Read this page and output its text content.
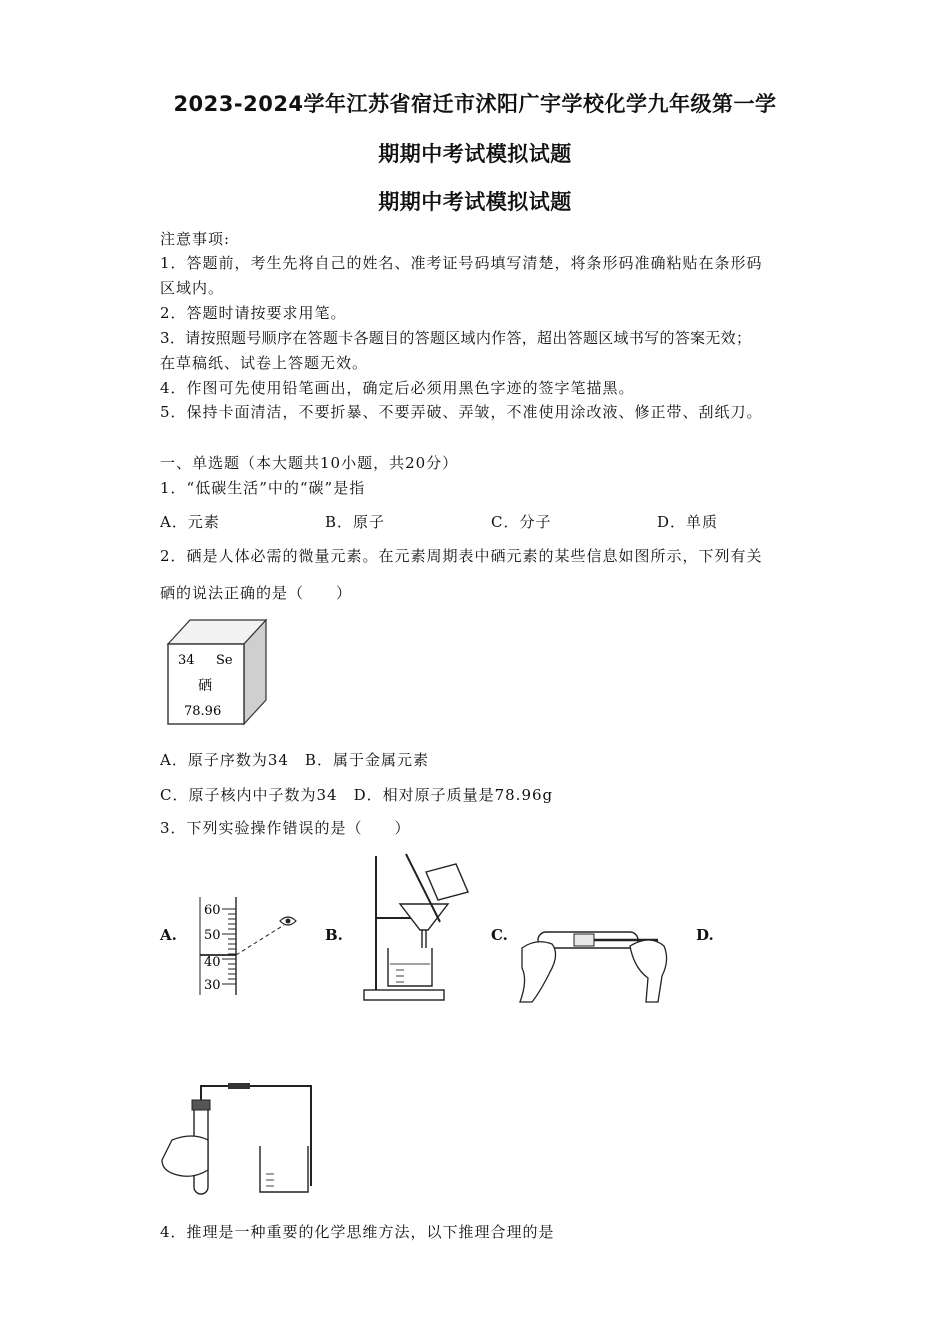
2023-2024学年江苏省宿迁市沭阳广宇学校化学九年级第一学
期期中考试模拟试题
期期中考试模拟试题
注意事项:
1．答题前，考生先将自己的姓名、准考证号码填写清楚，将条形码准确粘贴在条形码
区域内。
2．答题时请按要求用笔。
3．请按照题号顺序在答题卡各题目的答题区域内作答，超出答题区域书写的答案无效；
在草稿纸、试卷上答题无效。
4．作图可先使用铅笔画出，确定后必须用黑色字迹的签字笔描黑。
5．保持卡面清洁，不要折暴、不要弄破、弄皱，不准使用涂改液、修正带、刮纸刀。
一、单选题（本大题共10小题，共20分）
1．“低碳生活”中的“碳”是指
A．元素	B．原子	C．分子	D．单质
2．硒是人体必需的微量元素。在元素周期表中硒元素的某些信息如图所示，下列有关
硒的说法正确的是（　　）
34 Se
硒
78.96
A．原子序数为34　B．属于金属元素
C．原子核内中子数为34　D．相对原子质量是78.96g
3．下列实验操作错误的是（　　）
A.	B.	C.	D.
60
50
40
30
4．推理是一种重要的化学思维方法，以下推理合理的是
